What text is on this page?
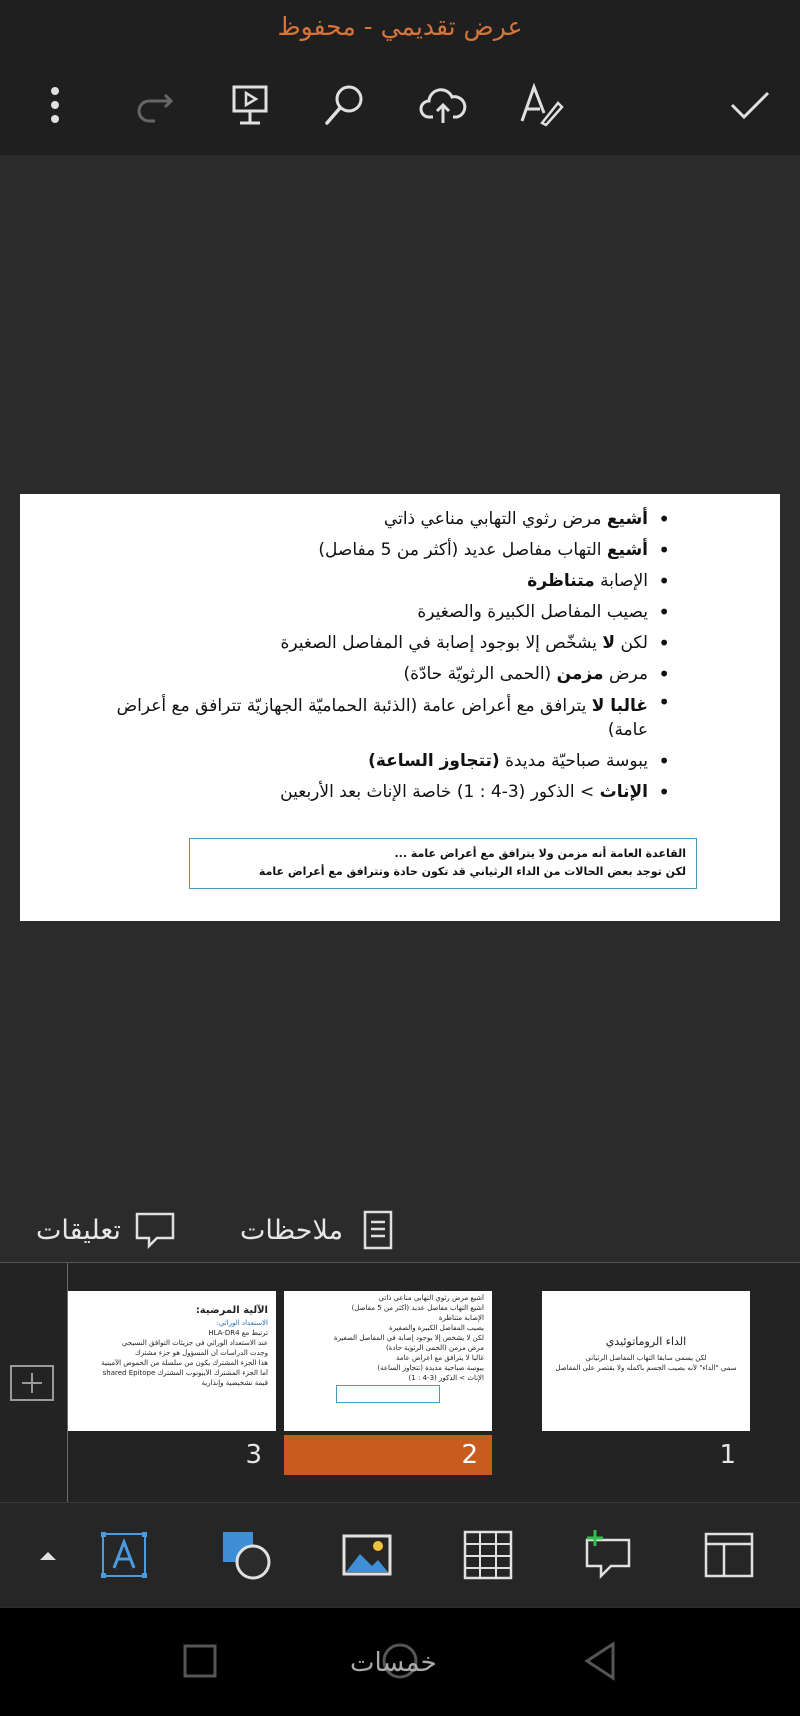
عرض تقديمي - محفوظ
• أشيع مرض رثوي التهابي مناعي ذاتي
• أشيع التهاب مفاصل عديد (أكثر من 5 مفاصل)
• الإصابة متناظرة
• يصيب المفاصل الكبيرة والصغيرة
• لكن لا يشخّص إلا بوجود إصابة في المفاصل الصغيرة
• مرض مزمن (الحمى الرثويّة حادّة)
• غالبا لا يترافق مع أعراض عامة (الذئبة الحماميّة الجهازيّة تترافق مع أعراض عامة)
• يبوسة صباحيّة مديدة (تتجاوز الساعة)
• الإناث > الذكور (3-4 : 1) خاصة الإناث بعد الأربعين
القاعدة العامة أنه مزمن ولا يترافق مع أعراض عامة ...
لكن توجد بعض الحالات من الداء الرثياني قد تكون حادة وتترافق مع أعراض عامة
ملاحظات
تعليقات
الآلية المرضية:
الاستعداد الوراثي:
ترتبط مع HLA-DR4
عند الاستعداد الوراثي في جزيئات التوافق النسيجي
وجدت الدراسات أن المسؤول هو جزء مشترك
هذا الجزء المشترك يكون من سلسلة من الحموض الأمينية
أما الجزء المشترك الأيبوتوب المشترك shared Epitope
قيمة تشخيصية وإنذارية
3
أشيع مرض رثوي التهابي مناعي ذاتي
أشيع التهاب مفاصل عديد (أكثر من 5 مفاصل)
الإصابة متناظرة
يصيب المفاصل الكبيرة والصغيرة
لكن لا يشخص إلا بوجود إصابة في المفاصل الصغيرة
مرض مزمن (الحمى الرثوية حادة)
غالبا لا يترافق مع أعراض عامة
يبوسة صباحية مديدة (تتجاوز الساعة)
الإناث > الذكور (3-4 : 1)
2
الداء الروماتوئيدي
لكن يسمى سابقا التهاب المفاصل الرثياني
سمي "الداء" لأنه يصيب الجسم بأكمله ولا يقتصر على المفاصل
1
خمسات
